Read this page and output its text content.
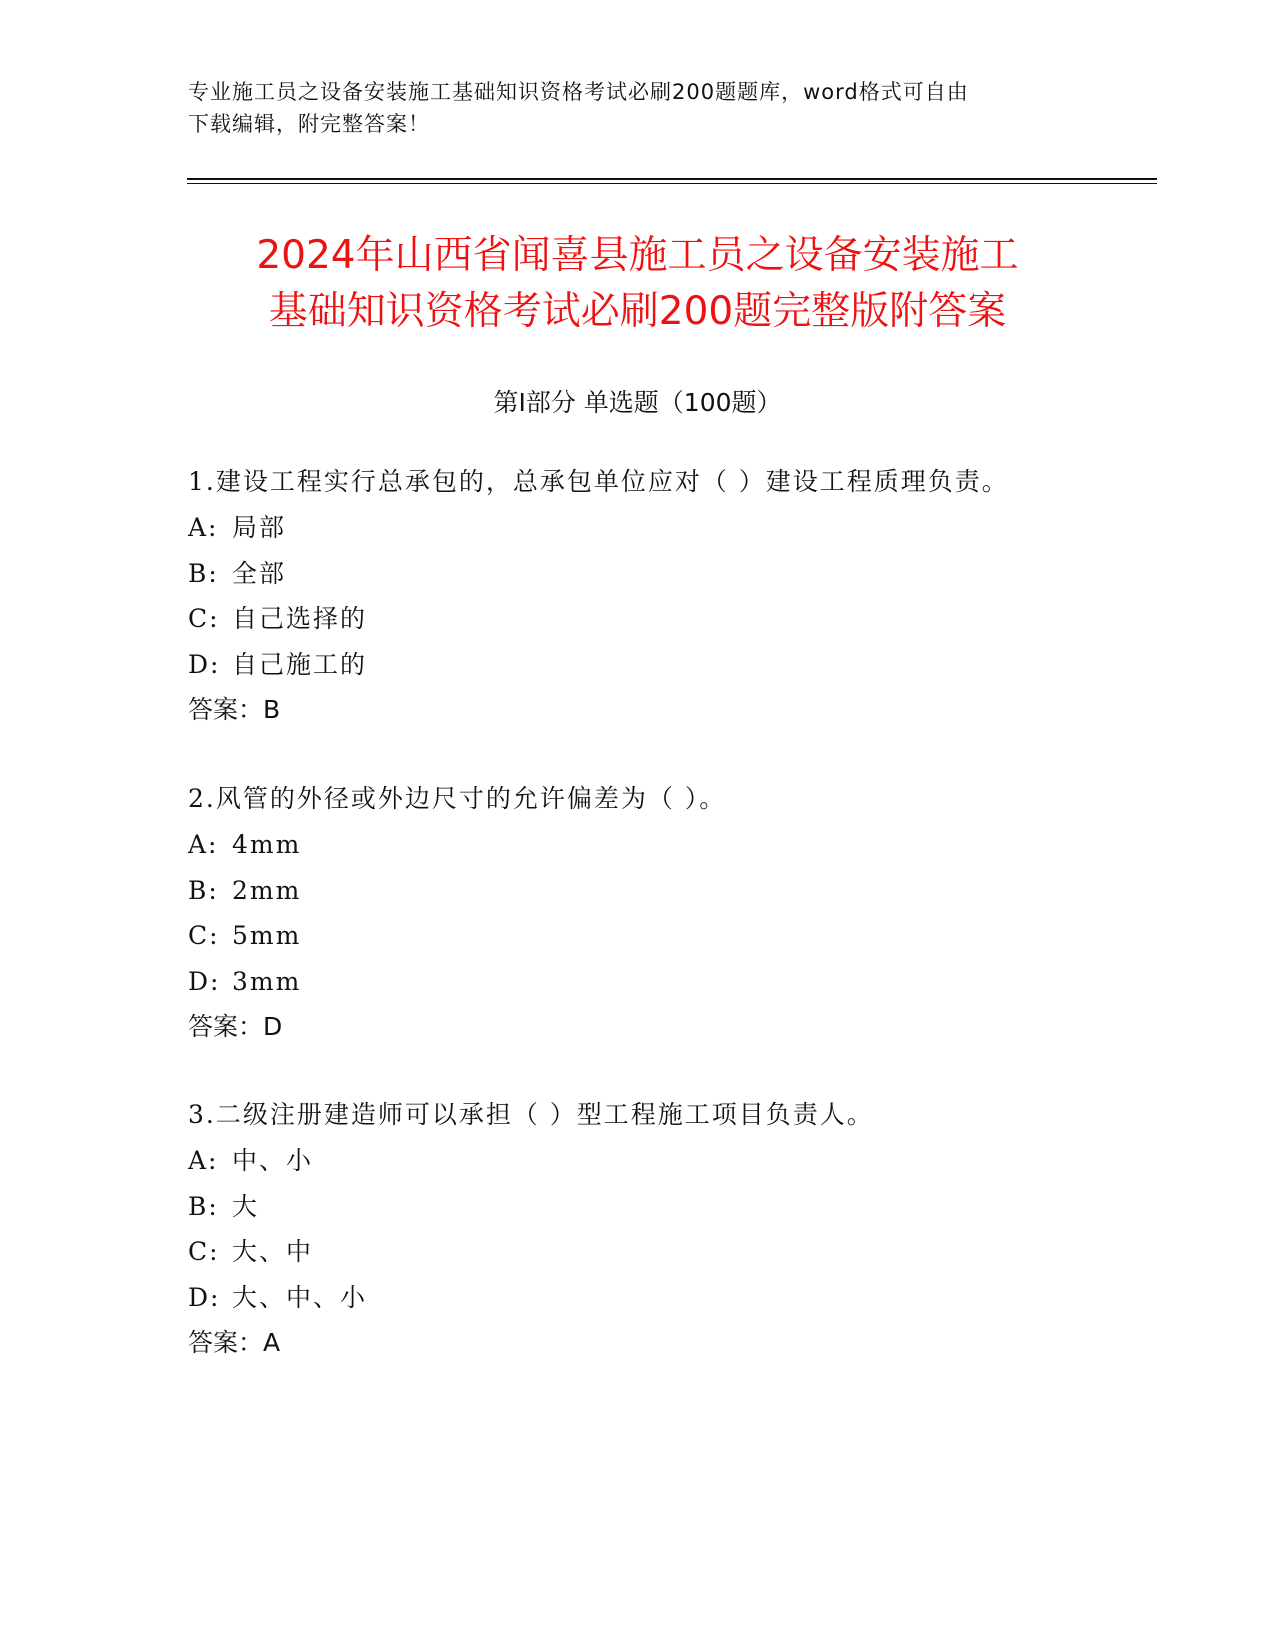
专业施工员之设备安装施工基础知识资格考试必刷200题题库，word格式可自由
下载编辑，附完整答案！
2024年山西省闻喜县施工员之设备安装施工
基础知识资格考试必刷200题完整版附答案
第Ⅰ部分 单选题（100题）
1.建设工程实行总承包的，总承包单位应对（ ）建设工程质理负责。
A: 局部
B: 全部
C: 自己选择的
D: 自己施工的
答案：B
2.风管的外径或外边尺寸的允许偏差为（ ）。
A: 4mm
B: 2mm
C: 5mm
D: 3mm
答案：D
3.二级注册建造师可以承担（ ）型工程施工项目负责人。
A: 中、小
B: 大
C: 大、中
D: 大、中、小
答案：A
